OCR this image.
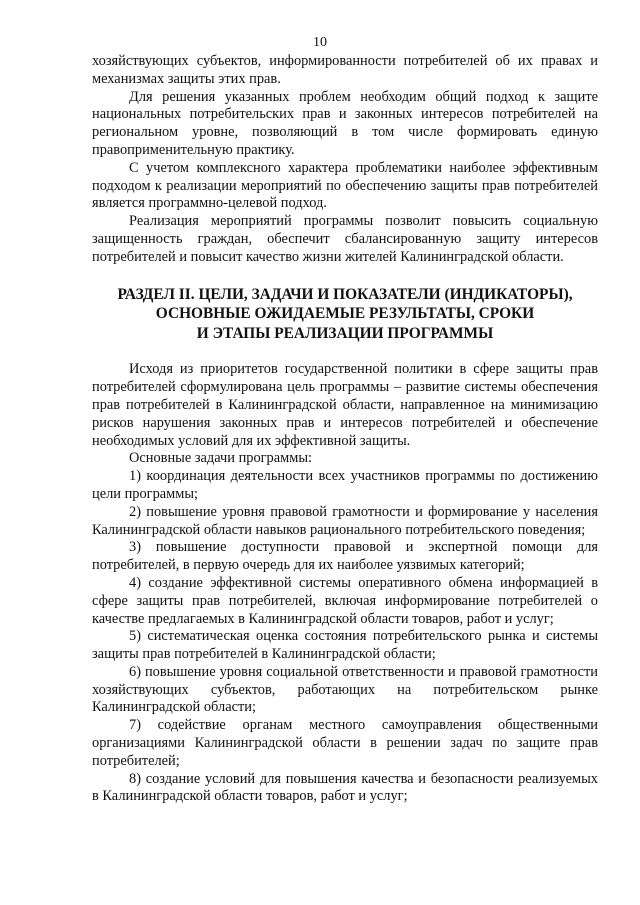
10

хозяйствующих субъектов, информированности потребителей об их правах и механизмах защиты этих прав.

Для решения указанных проблем необходим общий подход к защите национальных потребительских прав и законных интересов потребителей на региональном уровне, позволяющий в том числе формировать единую правоприменительную практику.

С учетом комплексного характера проблематики наиболее эффективным подходом к реализации мероприятий по обеспечению защиты прав потребителей является программно-целевой подход.

Реализация мероприятий программы позволит повысить социальную защищенность граждан, обеспечит сбалансированную защиту интересов потребителей и повысит качество жизни жителей Калининградской области.

РАЗДЕЛ II. ЦЕЛИ, ЗАДАЧИ И ПОКАЗАТЕЛИ (ИНДИКАТОРЫ),
ОСНОВНЫЕ ОЖИДАЕМЫЕ РЕЗУЛЬТАТЫ, СРОКИ
И ЭТАПЫ РЕАЛИЗАЦИИ ПРОГРАММЫ

Исходя из приоритетов государственной политики в сфере защиты прав потребителей сформулирована цель программы – развитие системы обеспечения прав потребителей в Калининградской области, направленное на минимизацию рисков нарушения законных прав и интересов потребителей и обеспечение необходимых условий для их эффективной защиты.

Основные задачи программы:

1) координация деятельности всех участников программы по достижению цели программы;

2) повышение уровня правовой грамотности и формирование у населения Калининградской области навыков рационального потребительского поведения;

3) повышение доступности правовой и экспертной помощи для потребителей, в первую очередь для их наиболее уязвимых категорий;

4) создание эффективной системы оперативного обмена информацией в сфере защиты прав потребителей, включая информирование потребителей о качестве предлагаемых в Калининградской области товаров, работ и услуг;

5) систематическая оценка состояния потребительского рынка и системы защиты прав потребителей в Калининградской области;

6) повышение уровня социальной ответственности и правовой грамотности хозяйствующих субъектов, работающих на потребительском рынке Калининградской области;

7) содействие органам местного самоуправления общественными организациями Калининградской области в решении задач по защите прав потребителей;

8) создание условий для повышения качества и безопасности реализуемых в Калининградской области товаров, работ и услуг;
